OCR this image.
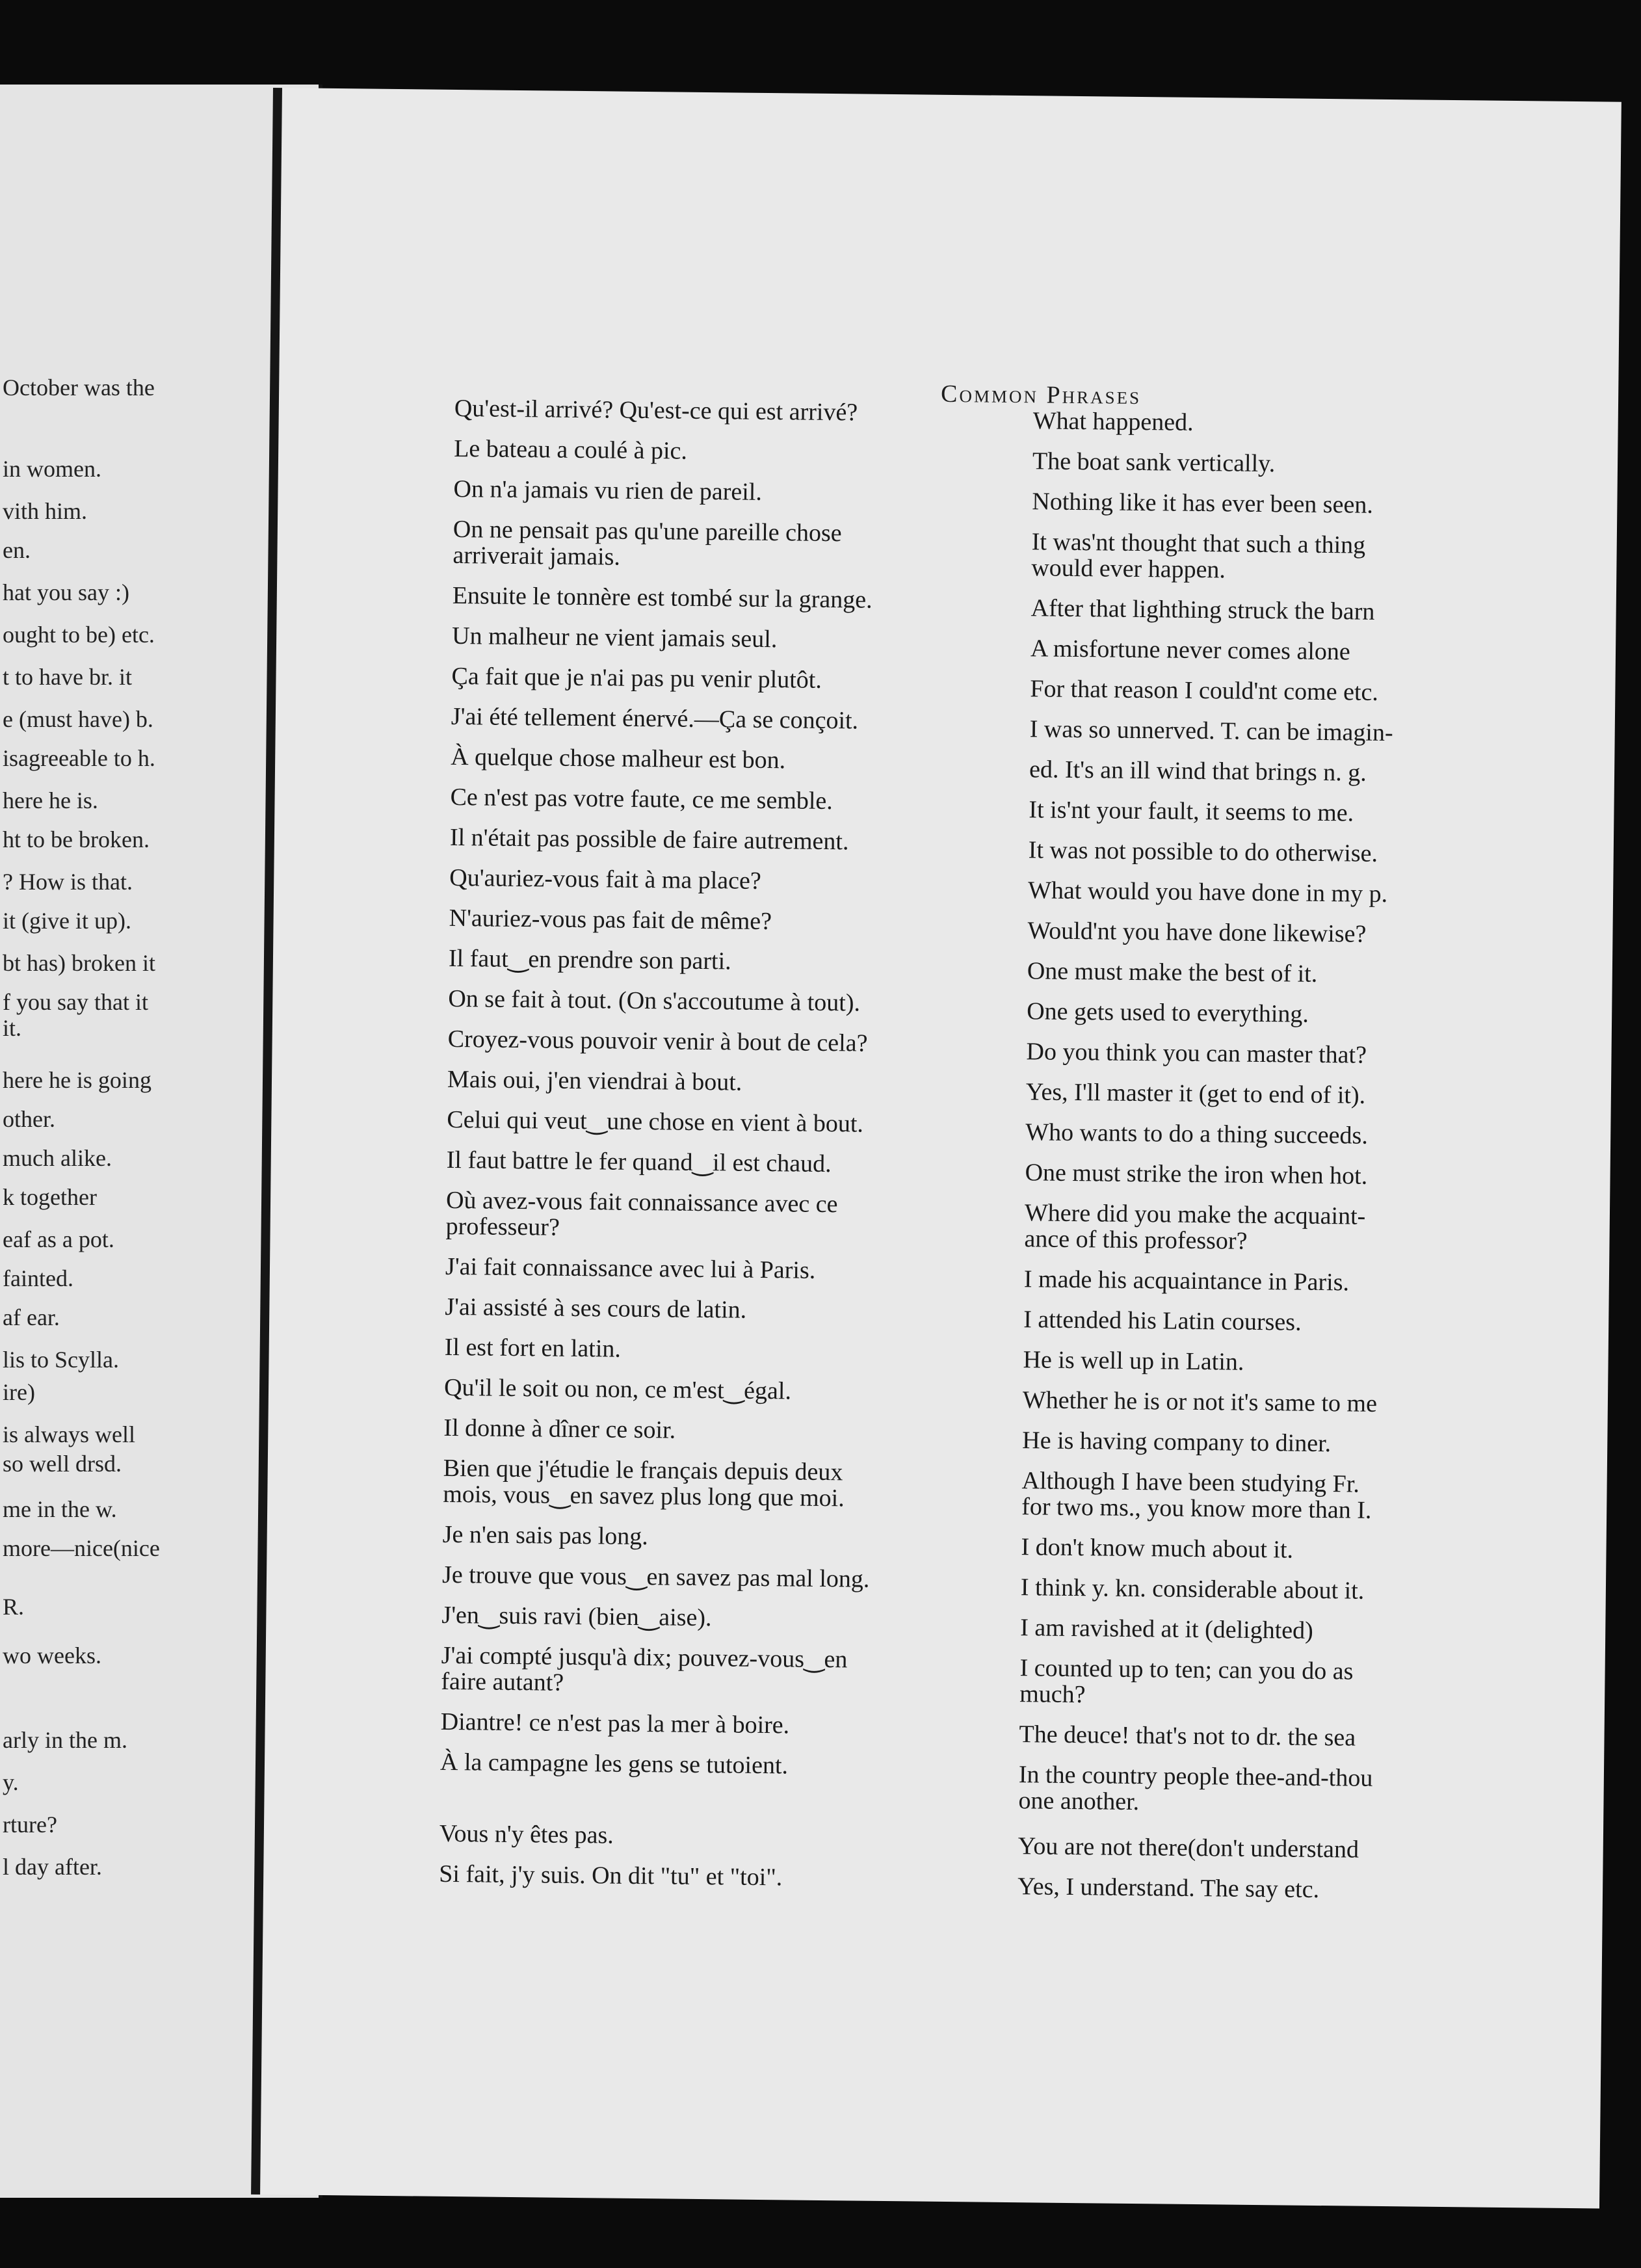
October was the
in women.
vith him.
en.
hat you say :)
ought to be) etc.
t to have br. it
e (must have) b.
isagreeable to h.
here he is.
ht to be broken.
? How is that.
it (give it up).
bt has) broken it
f you say that it
it.
here he is going
other.
much alike.
k together
eaf as a pot.
fainted.
af ear.
lis to Scylla.
ire)
is always well
so well drsd.
me in the w.
more—nice(nice
R.
wo weeks.
arly in the m.
y.
rture?
l day after.
Common Phrases
Qu'est-il arrivé? Qu'est-ce qui est arrivé?
Le bateau a coulé à pic.
On n'a jamais vu rien de pareil.
On ne pensait pas qu'une pareille chose
arriverait jamais.
Ensuite le tonnère est tombé sur la grange.
Un malheur ne vient jamais seul.
Ça fait que je n'ai pas pu venir plutôt.
J'ai été tellement énervé.—Ça se conçoit.
À quelque chose malheur est bon.
Ce n'est pas votre faute, ce me semble.
Il n'était pas possible de faire autrement.
Qu'auriez-vous fait à ma place?
N'auriez-vous pas fait de même?
Il faut‿en prendre son parti.
On se fait à tout. (On s'accoutume à tout).
Croyez-vous pouvoir venir à bout de cela?
Mais oui, j'en viendrai à bout.
Celui qui veut‿une chose en vient à bout.
Il faut battre le fer quand‿il est chaud.
Où avez-vous fait connaissance avec ce
professeur?
J'ai fait connaissance avec lui à Paris.
J'ai assisté à ses cours de latin.
Il est fort en latin.
Qu'il le soit ou non, ce m'est‿égal.
Il donne à dîner ce soir.
Bien que j'étudie le français depuis deux
mois, vous‿en savez plus long que moi.
Je n'en sais pas long.
Je trouve que vous‿en savez pas mal long.
J'en‿suis ravi (bien‿aise).
J'ai compté jusqu'à dix; pouvez-vous‿en
faire autant?
Diantre! ce n'est pas la mer à boire.
À la campagne les gens se tutoient.
Vous n'y êtes pas.
Si fait, j'y suis. On dit "tu" et "toi".
What happened.
The boat sank vertically.
Nothing like it has ever been seen.
It was'nt thought that such a thing
would ever happen.
After that lighthing struck the barn
A misfortune never comes alone
For that reason I could'nt come etc.
I was so unnerved. T. can be imagin-
ed. It's an ill wind that brings n. g.
It is'nt your fault, it seems to me.
It was not possible to do otherwise.
What would you have done in my p.
Would'nt you have done likewise?
One must make the best of it.
One gets used to everything.
Do you think you can master that?
Yes, I'll master it (get to end of it).
Who wants to do a thing succeeds.
One must strike the iron when hot.
Where did you make the acquaint-
ance of this professor?
I made his acquaintance in Paris.
I attended his Latin courses.
He is well up in Latin.
Whether he is or not it's same to me
He is having company to diner.
Although I have been studying Fr.
for two ms., you know more than I.
I don't know much about it.
I think y. kn. considerable about it.
I am ravished at it (delighted)
I counted up to ten; can you do as
much?
The deuce! that's not to dr. the sea
In the country people thee-and-thou
one another.
You are not there(don't understand
Yes, I understand. The say etc.
